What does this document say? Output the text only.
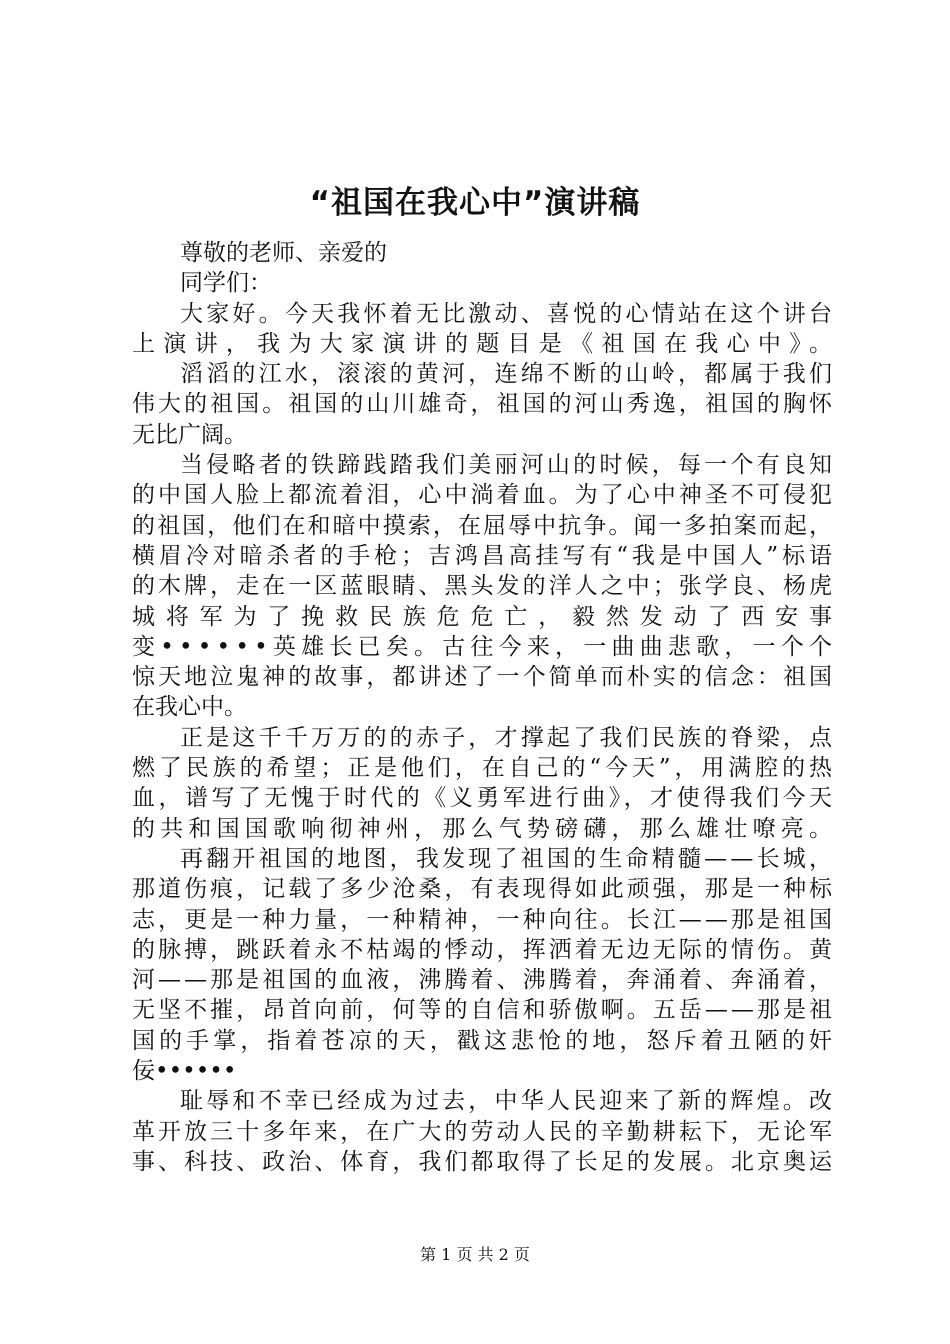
“祖国在我心中”演讲稿
尊敬的老师、亲爱的
同学们：
大家好。今天我怀着无比激动、喜悦的心情站在这个讲台
上演讲，我为大家演讲的题目是《祖国在我心中》。
滔滔的江水，滚滚的黄河，连绵不断的山岭，都属于我们
伟大的祖国。祖国的山川雄奇，祖国的河山秀逸，祖国的胸怀
无比广阔。
当侵略者的铁蹄践踏我们美丽河山的时候，每一个有良知
的中国人脸上都流着泪，心中淌着血。为了心中神圣不可侵犯
的祖国，他们在和暗中摸索，在屈辱中抗争。闻一多拍案而起，
横眉冷对暗杀者的手枪；吉鸿昌高挂写有“我是中国人”标语
的木牌，走在一区蓝眼睛、黑头发的洋人之中；张学良、杨虎
城将军为了挽救民族危危亡，毅然发动了西安事
变••••••英雄长已矣。古往今来，一曲曲悲歌，一个个
惊天地泣鬼神的故事，都讲述了一个简单而朴实的信念：祖国
在我心中。
正是这千千万万的的赤子，才撑起了我们民族的脊梁，点
燃了民族的希望；正是他们，在自己的“今天”，用满腔的热
血，谱写了无愧于时代的《义勇军进行曲》，才使得我们今天
的共和国国歌响彻神州，那么气势磅礴，那么雄壮嘹亮。
再翻开祖国的地图，我发现了祖国的生命精髓——长城，
那道伤痕，记载了多少沧桑，有表现得如此顽强，那是一种标
志，更是一种力量，一种精神，一种向往。长江——那是祖国
的脉搏，跳跃着永不枯竭的悸动，挥洒着无边无际的情伤。黄
河——那是祖国的血液，沸腾着、沸腾着，奔涌着、奔涌着，
无坚不摧，昂首向前，何等的自信和骄傲啊。五岳——那是祖
国的手掌，指着苍凉的天，戳这悲怆的地，怒斥着丑陋的奸
佞••••••
耻辱和不幸已经成为过去，中华人民迎来了新的辉煌。改
革开放三十多年来，在广大的劳动人民的辛勤耕耘下，无论军
事、科技、政治、体育，我们都取得了长足的发展。北京奥运
第 1 页 共 2 页
